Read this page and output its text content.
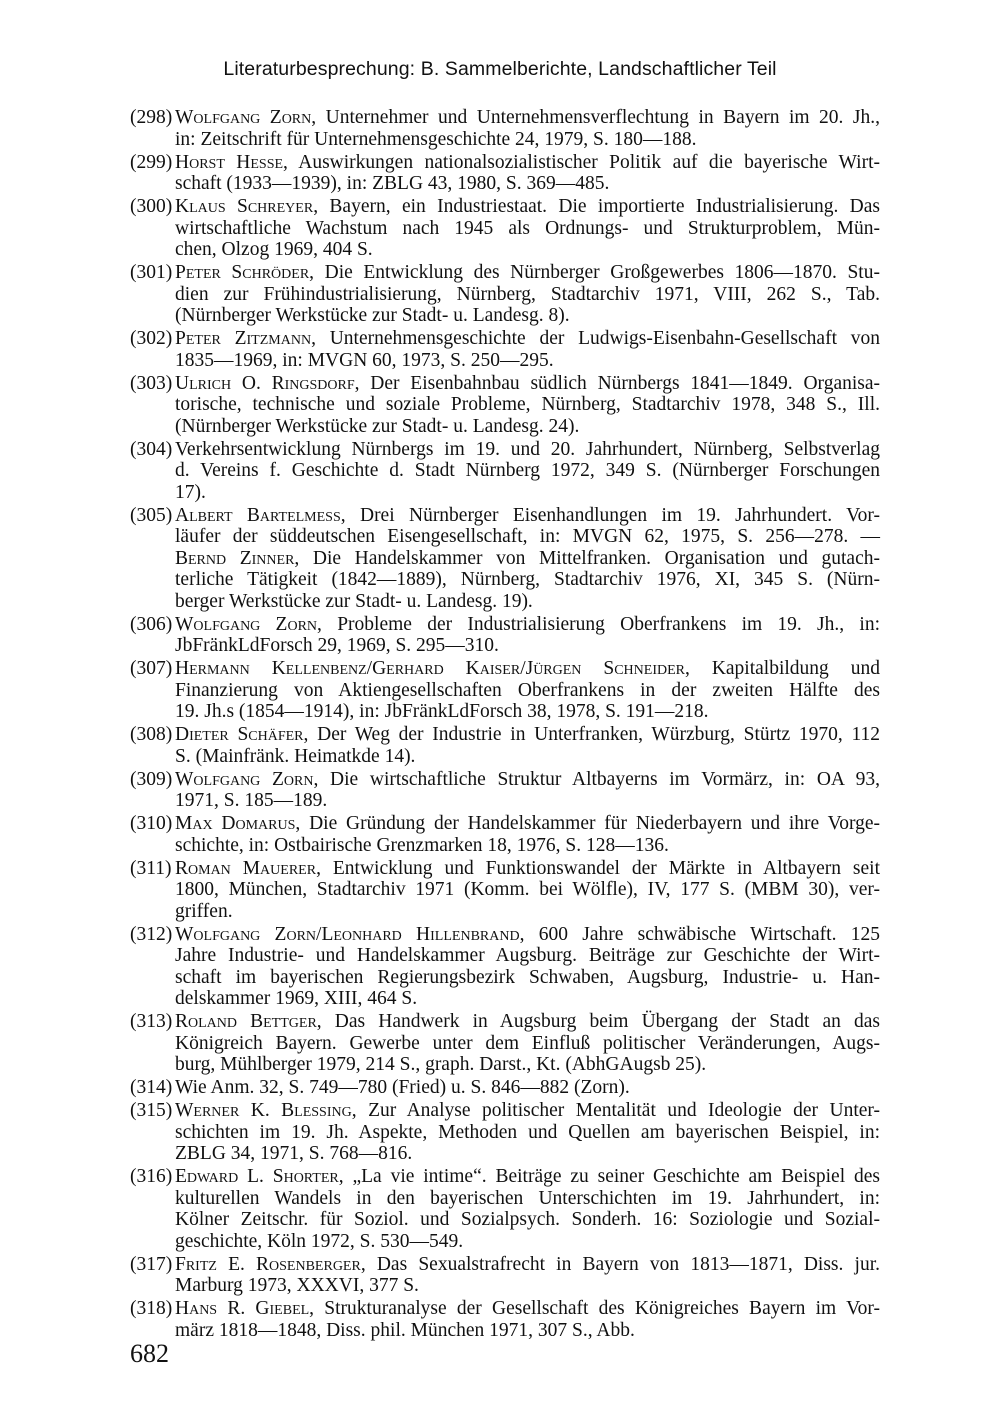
Literaturbesprechung: B. Sammelberichte, Landschaftlicher Teil
(298) Wolfgang Zorn, Unternehmer und Unternehmensverflechtung in Bayern im 20. Jh.,
in: Zeitschrift für Unternehmensgeschichte 24, 1979, S. 180—188.
(299) Horst Hesse, Auswirkungen nationalsozialistischer Politik auf die bayerische Wirt-
schaft (1933—1939), in: ZBLG 43, 1980, S. 369—485.
(300) Klaus Schreyer, Bayern, ein Industriestaat. Die importierte Industrialisierung. Das
wirtschaftliche Wachstum nach 1945 als Ordnungs- und Strukturproblem, Mün-
chen, Olzog 1969, 404 S.
(301) Peter Schröder, Die Entwicklung des Nürnberger Großgewerbes 1806—1870. Stu-
dien zur Frühindustrialisierung, Nürnberg, Stadtarchiv 1971, VIII, 262 S., Tab.
(Nürnberger Werkstücke zur Stadt- u. Landesg. 8).
(302) Peter Zitzmann, Unternehmensgeschichte der Ludwigs-Eisenbahn-Gesellschaft von
1835—1969, in: MVGN 60, 1973, S. 250—295.
(303) Ulrich O. Ringsdorf, Der Eisenbahnbau südlich Nürnbergs 1841—1849. Organisa-
torische, technische und soziale Probleme, Nürnberg, Stadtarchiv 1978, 348 S., Ill.
(Nürnberger Werkstücke zur Stadt- u. Landesg. 24).
(304) Verkehrsentwicklung Nürnbergs im 19. und 20. Jahrhundert, Nürnberg, Selbstverlag
d. Vereins f. Geschichte d. Stadt Nürnberg 1972, 349 S. (Nürnberger Forschungen
17).
(305) Albert Bartelmess, Drei Nürnberger Eisenhandlungen im 19. Jahrhundert. Vor-
läufer der süddeutschen Eisengesellschaft, in: MVGN 62, 1975, S. 256—278. —
Bernd Zinner, Die Handelskammer von Mittelfranken. Organisation und gutach-
terliche Tätigkeit (1842—1889), Nürnberg, Stadtarchiv 1976, XI, 345 S. (Nürn-
berger Werkstücke zur Stadt- u. Landesg. 19).
(306) Wolfgang Zorn, Probleme der Industrialisierung Oberfrankens im 19. Jh., in:
JbFränkLdForsch 29, 1969, S. 295—310.
(307) Hermann Kellenbenz/Gerhard Kaiser/Jürgen Schneider, Kapitalbildung und
Finanzierung von Aktiengesellschaften Oberfrankens in der zweiten Hälfte des
19. Jh.s (1854—1914), in: JbFränkLdForsch 38, 1978, S. 191—218.
(308) Dieter Schäfer, Der Weg der Industrie in Unterfranken, Würzburg, Stürtz 1970, 112
S. (Mainfränk. Heimatkde 14).
(309) Wolfgang Zorn, Die wirtschaftliche Struktur Altbayerns im Vormärz, in: OA 93,
1971, S. 185—189.
(310) Max Domarus, Die Gründung der Handelskammer für Niederbayern und ihre Vorge-
schichte, in: Ostbairische Grenzmarken 18, 1976, S. 128—136.
(311) Roman Mauerer, Entwicklung und Funktionswandel der Märkte in Altbayern seit
1800, München, Stadtarchiv 1971 (Komm. bei Wölfle), IV, 177 S. (MBM 30), ver-
griffen.
(312) Wolfgang Zorn/Leonhard Hillenbrand, 600 Jahre schwäbische Wirtschaft. 125
Jahre Industrie- und Handelskammer Augsburg. Beiträge zur Geschichte der Wirt-
schaft im bayerischen Regierungsbezirk Schwaben, Augsburg, Industrie- u. Han-
delskammer 1969, XIII, 464 S.
(313) Roland Bettger, Das Handwerk in Augsburg beim Übergang der Stadt an das
Königreich Bayern. Gewerbe unter dem Einfluß politischer Veränderungen, Augs-
burg, Mühlberger 1979, 214 S., graph. Darst., Kt. (AbhGAugsb 25).
(314) Wie Anm. 32, S. 749—780 (Fried) u. S. 846—882 (Zorn).
(315) Werner K. Blessing, Zur Analyse politischer Mentalität und Ideologie der Unter-
schichten im 19. Jh. Aspekte, Methoden und Quellen am bayerischen Beispiel, in:
ZBLG 34, 1971, S. 768—816.
(316) Edward L. Shorter, „La vie intime“. Beiträge zu seiner Geschichte am Beispiel des
kulturellen Wandels in den bayerischen Unterschichten im 19. Jahrhundert, in:
Kölner Zeitschr. für Soziol. und Sozialpsych. Sonderh. 16: Soziologie und Sozial-
geschichte, Köln 1972, S. 530—549.
(317) Fritz E. Rosenberger, Das Sexualstrafrecht in Bayern von 1813—1871, Diss. jur.
Marburg 1973, XXXVI, 377 S.
(318) Hans R. Giebel, Strukturanalyse der Gesellschaft des Königreiches Bayern im Vor-
märz 1818—1848, Diss. phil. München 1971, 307 S., Abb.
682
